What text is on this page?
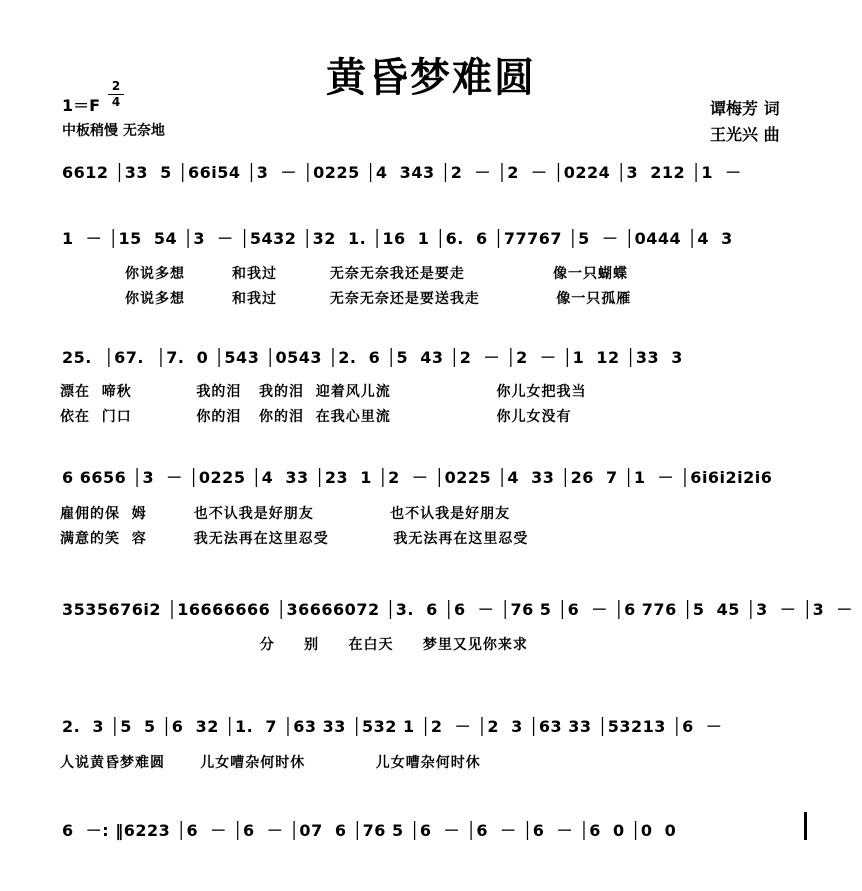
黄昏梦难圆
1＝F
2
4
中板稍慢 无奈地
谭梅芳 词
王光兴 曲
6612 │33  5 │66i54 │3  － │0225 │4  343 │2  － │2  － │0224 │3  212 │1  －
1  － │15  54 │3  － │5432 │32  1. │16  1 │6.  6 │77767 │5  － │0444 │4  3
你说多想        和我过         无奈无奈我还是要走               像一只蝴蝶
你说多想        和我过         无奈无奈还是要送我走             像一只孤雁
25.  │67.  │7.  0 │543 │0543 │2.  6 │5  43 │2  － │2  － │1  12 │33  3
漂在  啼秋           我的泪   我的泪  迎着风儿流                  你儿女把我当
依在  门口           你的泪   你的泪  在我心里流                  你儿女没有
6 6656 │3  － │0225 │4  33 │23  1 │2  － │0225 │4  33 │26  7 │1  － │6i6i2i2i6
雇佣的保  姆        也不认我是好朋友             也不认我是好朋友
满意的笑  容        我无法再在这里忍受           我无法再在这里忍受
3535676i2 │16666666 │36666072 │3.  6 │6  － │76 5 │6  － │6 776 │5  45 │3  － │3  －
分     别     在白天     梦里又见你来求
2.  3 │5  5 │6  32 │1.  7 │63 33 │532 1 │2  － │2  3 │63 33 │53213 │6  －
人说黄昏梦难圆      儿女嘈杂何时休            儿女嘈杂何时休
6  －: ‖6223 │6  － │6  － │07  6 │76 5 │6  － │6  － │6  － │6  0 │0  0
